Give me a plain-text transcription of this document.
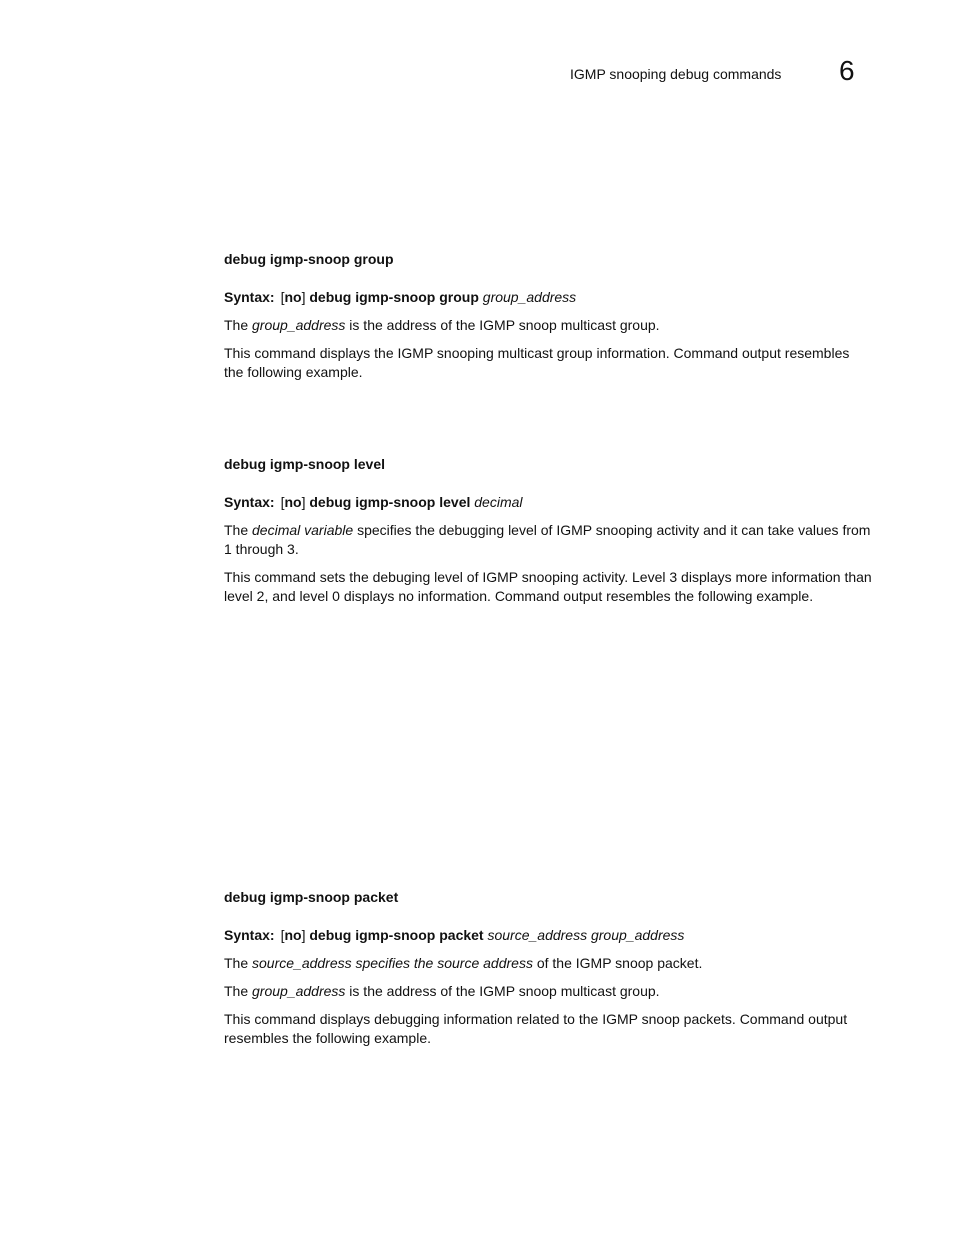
IGMP snooping debug commands 6
debug igmp-snoop group
Syntax: [no] debug igmp-snoop group group_address

The group_address is the address of the IGMP snoop multicast group.

This command displays the IGMP snooping multicast group information. Command output resembles the following example.

debug igmp-snoop level
Syntax: [no] debug igmp-snoop level decimal

The decimal variable specifies the debugging level of IGMP snooping activity and it can take values from 1 through 3.

This command sets the debuging level of IGMP snooping activity. Level 3 displays more information than level 2, and level 0 displays no information. Command output resembles the following example.

debug igmp-snoop packet
Syntax: [no] debug igmp-snoop packet source_address group_address

The source_address specifies the source address of the IGMP snoop packet.

The group_address is the address of the IGMP snoop multicast group.

This command displays debugging information related to the IGMP snoop packets. Command output resembles the following example.
